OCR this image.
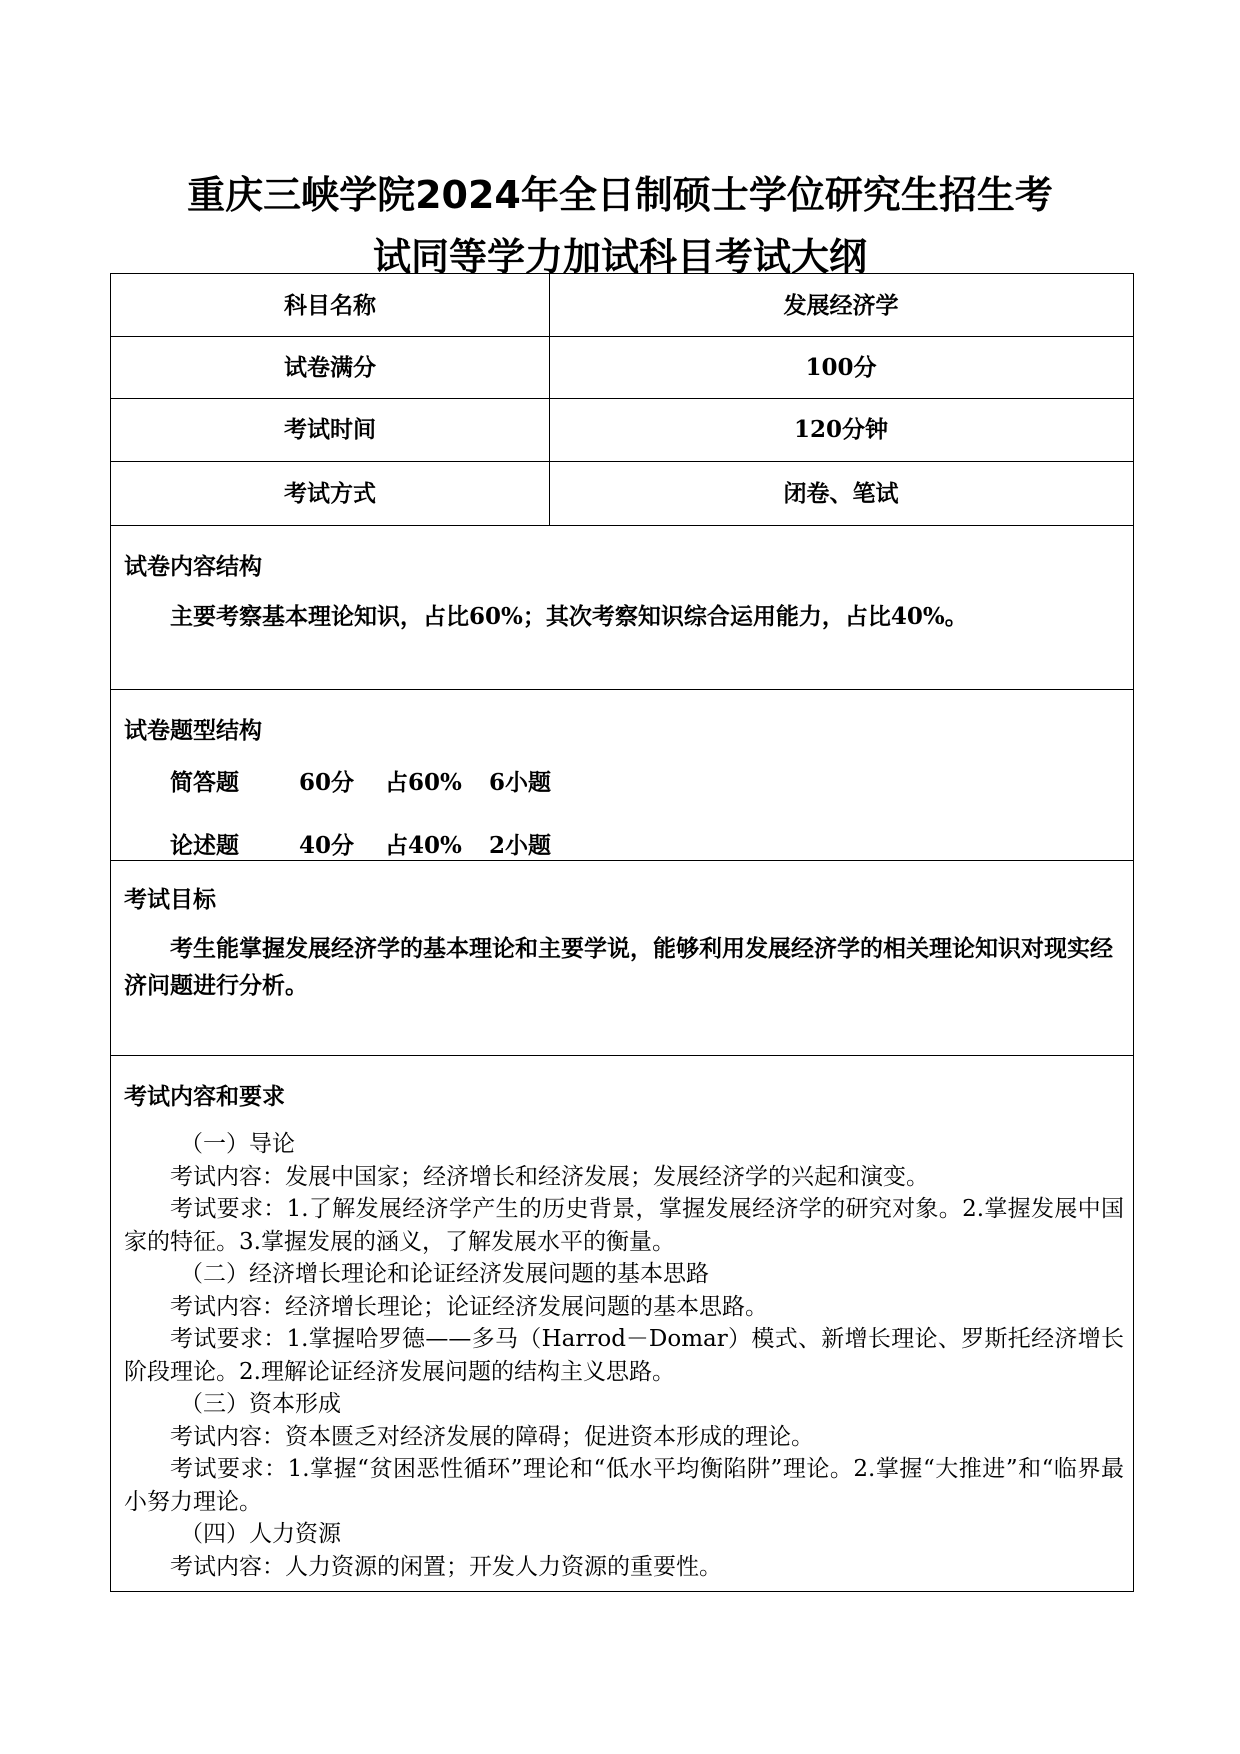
重庆三峡学院2024年全日制硕士学位研究生招生考
试同等学力加试科目考试大纲
科目名称	发展经济学
试卷满分	100分
考试时间	120分钟
考试方式	闭卷、笔试
试卷内容结构
主要考察基本理论知识，占比60%；其次考察知识综合运用能力，占比40%。
试卷题型结构
简答题	60分 占60% 6小题
论述题	40分 占40% 2小题
考试目标
考生能掌握发展经济学的基本理论和主要学说，能够利用发展经济学的相关理论知识对现实经济问题进行分析。
考试内容和要求

（一）导论

考试内容：发展中国家；经济增长和经济发展；发展经济学的兴起和演变。

考试要求：1.了解发展经济学产生的历史背景，掌握发展经济学的研究对象。2.掌握发展中国家的特征。3.掌握发展的涵义，了解发展水平的衡量。

（二）经济增长理论和论证经济发展问题的基本思路

考试内容：经济增长理论；论证经济发展问题的基本思路。

考试要求：1.掌握哈罗德——多马（Harrod－Domar）模式、新增长理论、罗斯托经济增长阶段理论。2.理解论证经济发展问题的结构主义思路。

（三）资本形成

考试内容：资本匮乏对经济发展的障碍；促进资本形成的理论。

考试要求：1.掌握“贫困恶性循环”理论和“低水平均衡陷阱”理论。2.掌握“大推进”和“临界最小努力理论。

（四）人力资源

考试内容：人力资源的闲置；开发人力资源的重要性。
